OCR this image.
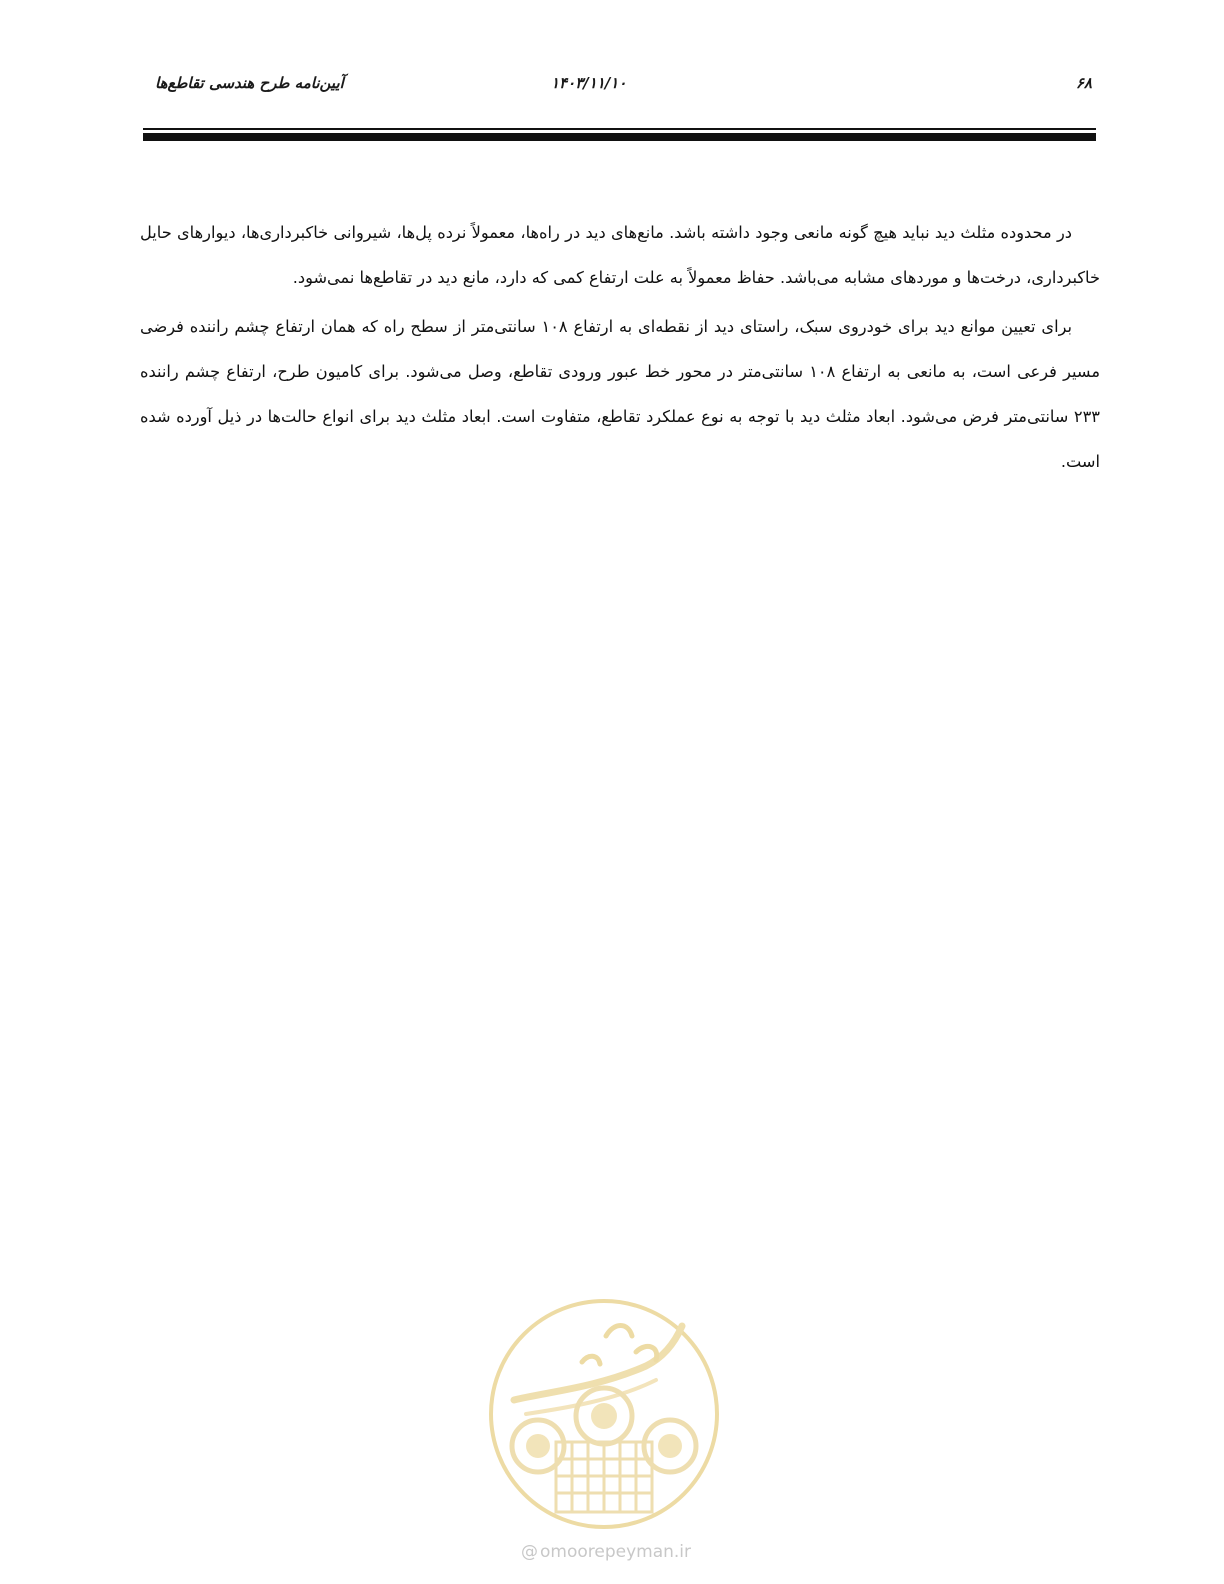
۶۸
۱۴۰۳/۱۱/۱۰
آیین‌نامه طرح هندسی تقاطع‌ها

در محدوده مثلث دید نباید هیچ گونه مانعی وجود داشته باشد. مانع‌های دید در راه‌ها، معمولاً نرده پل‌ها، شیروانی خاکبرداری‌ها، دیوارهای حایل خاکبرداری، درخت‌ها و موردهای مشابه می‌باشد. حفاظ معمولاً به علت ارتفاع کمی که دارد، مانع دید در تقاطع‌ها نمی‌شود.

برای تعیین موانع دید برای خودروی سبک، راستای دید از نقطه‌ای به ارتفاع ۱۰۸ سانتی‌متر از سطح راه که همان ارتفاع چشم راننده فرضی مسیر فرعی است، به مانعی به ارتفاع ۱۰۸ سانتی‌متر در محور خط عبور ورودی تقاطع، وصل می‌شود. برای کامیون طرح، ارتفاع چشم راننده ۲۳۳ سانتی‌متر فرض می‌شود. ابعاد مثلث دید با توجه به نوع عملکرد تقاطع، متفاوت است. ابعاد مثلث دید برای انواع حالت‌ها در ذیل آورده شده است.

@ omoorepeyman.ir
